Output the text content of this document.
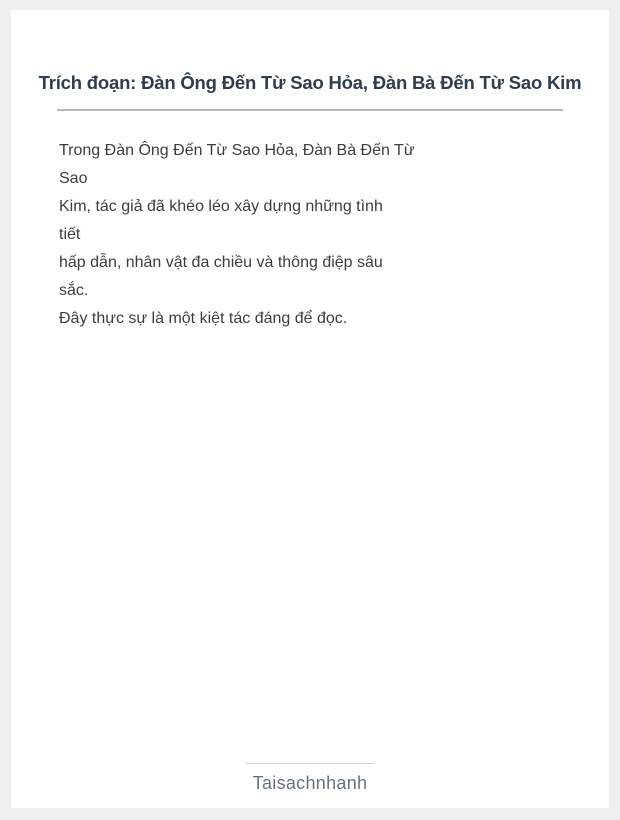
Trích đoạn: Đàn Ông Đến Từ Sao Hỏa, Đàn Bà Đến Từ Sao Kim
Trong Đàn Ông Đến Từ Sao Hỏa, Đàn Bà Đến Từ
Sao
Kim, tác giả đã khéo léo xây dựng những tình
tiết
hấp dẫn, nhân vật đa chiều và thông điệp sâu
sắc.
Đây thực sự là một kiệt tác đáng để đọc.
Taisachnhanh
